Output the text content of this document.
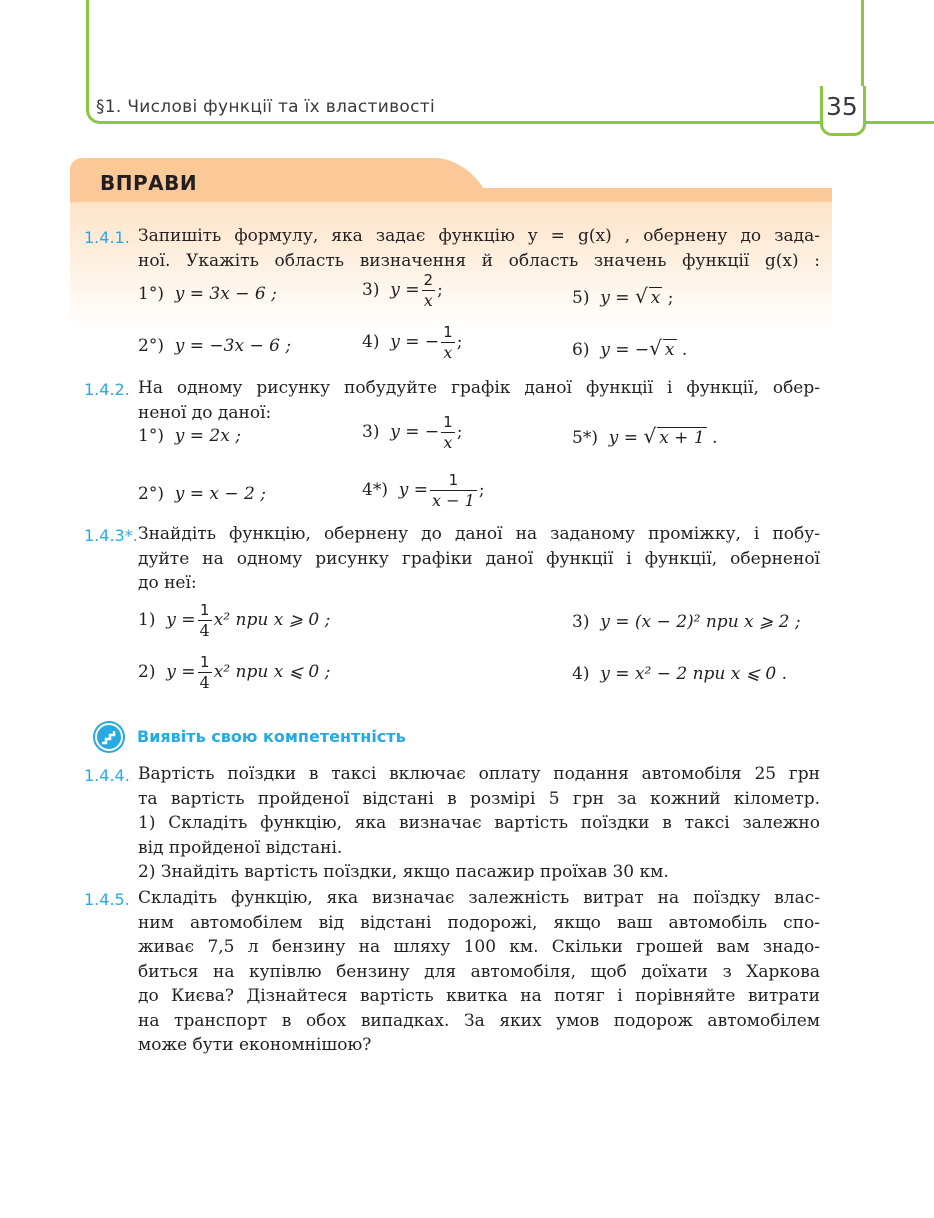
§1. Числові функції та їх властивості	35
ВПРАВИ
1.4.1. Запишіть формулу, яка задає функцію y = g(x) , обернену до зада-
ної. Укажіть область визначення й область значень функції g(x) :
1°) y = 3x − 6 ;	3) $y = \frac{2}{x}$ ;	5) y = √ x ;
2°) y = −3x − 6 ;	4) y = − $\frac{1}{x}$ ;	6) y = −√ x .
1.4.2. На одному рисунку побудуйте графік даної функції і функції, обер-
неної до даної:
1°) y = 2x ;	3) y = − $\frac{1}{x}$ ;	5*) y = √ x + 1 .
2°) y = x − 2 ;	4*) $y = \frac{1}{x - 1}$ ;
1.4.3*. Знайдіть функцію, обернену до даної на заданому проміжку, і побу-
дуйте на одному рисунку графіки даної функції і функції, оберненої
до неї:
1) $y = \frac{1}{4} x^2$ при x ⩾ 0 ;	3) y = (x − 2)² при x ⩾ 2 ;
2) $y = \frac{1}{4} x^2$ при x ⩽ 0 ;	4) y = x² − 2 при x ⩽ 0 .
Виявіть свою компетентність
1.4.4. Вартість поїздки в таксі включає оплату подання автомобіля 25 грн
та вартість пройденої відстані в розмірі 5 грн за кожний кілометр.
1) Складіть функцію, яка визначає вартість поїздки в таксі залежно
від пройденої відстані.
2) Знайдіть вартість поїздки, якщо пасажир проїхав 30 км.
1.4.5. Складіть функцію, яка визначає залежність витрат на поїздку влас-
ним автомобілем від відстані подорожі, якщо ваш автомобіль спо-
живає 7,5 л бензину на шляху 100 км. Скільки грошей вам знадо-
биться на купівлю бензину для автомобіля, щоб доїхати з Харкова
до Києва? Дізнайтеся вартість квитка на потяг і порівняйте витрати
на транспорт в обох випадках. За яких умов подорож автомобілем
може бути економнішою?
